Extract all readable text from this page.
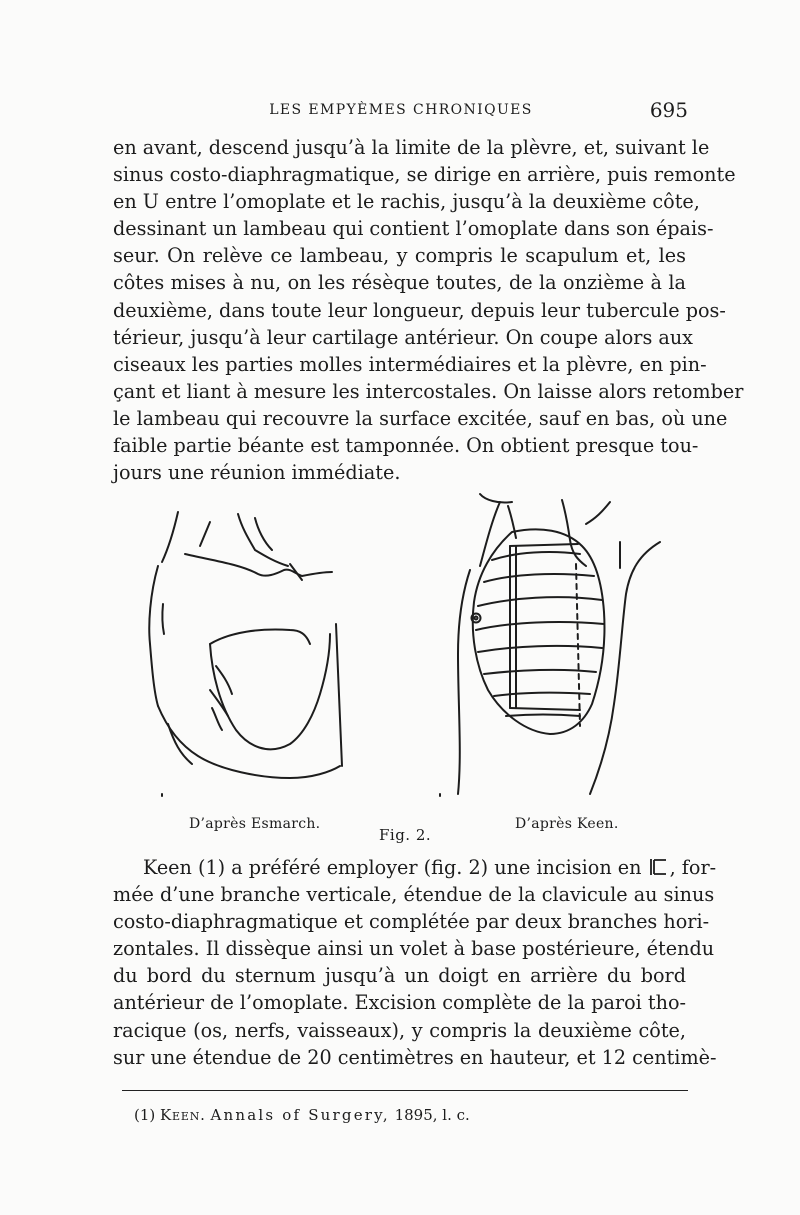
LES EMPYÈMES CHRONIQUES	695

en avant, descend jusqu’à la limite de la plèvre, et, suivant le
sinus costo-diaphragmatique, se dirige en arrière, puis remonte
en U entre l’omoplate et le rachis, jusqu’à la deuxième côte,
dessinant un lambeau qui contient l’omoplate dans son épais-
seur. On relève ce lambeau, y compris le scapulum et, les
côtes mises à nu, on les résèque toutes, de la onzième à la
deuxième, dans toute leur longueur, depuis leur tubercule pos-
térieur, jusqu’à leur cartilage antérieur. On coupe alors aux
ciseaux les parties molles intermédiaires et la plèvre, en pin-
çant et liant à mesure les intercostales. On laisse alors retomber
le lambeau qui recouvre la surface excitée, sauf en bas, où une
faible partie béante est tamponnée. On obtient presque tou-
jours une réunion immédiate.

D’après Esmarch.	D’après Keen.
Fig. 2.

Keen (1) a préféré employer (fig. 2) une incision en , for-
mée d’une branche verticale, étendue de la clavicule au sinus
costo-diaphragmatique et complétée par deux branches hori-
zontales. Il dissèque ainsi un volet à base postérieure, étendu
du bord du sternum jusqu’à un doigt en arrière du bord
antérieur de l’omoplate. Excision complète de la paroi tho-
racique (os, nerfs, vaisseaux), y compris la deuxième côte,
sur une étendue de 20 centimètres en hauteur, et 12 centimè-

(1) Keen. Annals of Surgery, 1895, l. c.
